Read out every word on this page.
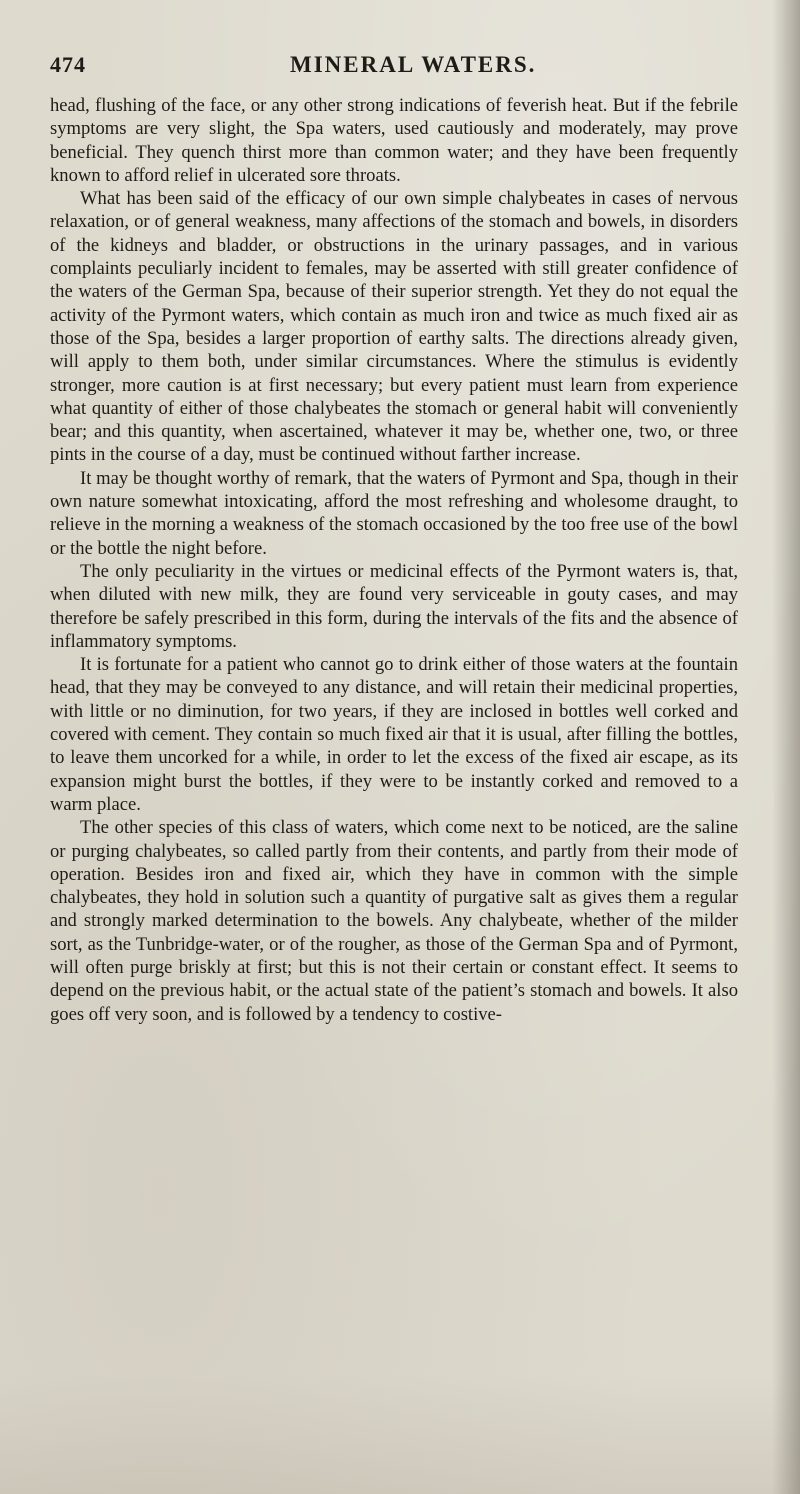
474	MINERAL WATERS.

head, flushing of the face, or any other strong indications of feverish heat. But if the febrile symptoms are very slight, the Spa waters, used cautiously and moderately, may prove beneficial. They quench thirst more than common water; and they have been frequently known to afford relief in ulcerated sore throats.

What has been said of the efficacy of our own simple chalybeates in cases of nervous relaxation, or of general weakness, many affections of the stomach and bowels, in disorders of the kidneys and bladder, or obstructions in the urinary passages, and in various complaints peculiarly incident to females, may be asserted with still greater confidence of the waters of the German Spa, because of their superior strength. Yet they do not equal the activity of the Pyrmont waters, which contain as much iron and twice as much fixed air as those of the Spa, besides a larger proportion of earthy salts. The directions already given, will apply to them both, under similar circumstances. Where the stimulus is evidently stronger, more caution is at first necessary; but every patient must learn from experience what quantity of either of those chalybeates the stomach or general habit will conveniently bear; and this quantity, when ascertained, whatever it may be, whether one, two, or three pints in the course of a day, must be continued without farther increase.

It may be thought worthy of remark, that the waters of Pyrmont and Spa, though in their own nature somewhat intoxicating, afford the most refreshing and wholesome draught, to relieve in the morning a weakness of the stomach occasioned by the too free use of the bowl or the bottle the night before.

The only peculiarity in the virtues or medicinal effects of the Pyrmont waters is, that, when diluted with new milk, they are found very serviceable in gouty cases, and may therefore be safely prescribed in this form, during the intervals of the fits and the absence of inflammatory symptoms.

It is fortunate for a patient who cannot go to drink either of those waters at the fountain head, that they may be conveyed to any distance, and will retain their medicinal properties, with little or no diminution, for two years, if they are inclosed in bottles well corked and covered with cement. They contain so much fixed air that it is usual, after filling the bottles, to leave them uncorked for a while, in order to let the excess of the fixed air escape, as its expansion might burst the bottles, if they were to be instantly corked and removed to a warm place.

The other species of this class of waters, which come next to be noticed, are the saline or purging chalybeates, so called partly from their contents, and partly from their mode of operation. Besides iron and fixed air, which they have in common with the simple chalybeates, they hold in solution such a quantity of purgative salt as gives them a regular and strongly marked determination to the bowels. Any chalybeate, whether of the milder sort, as the Tunbridge-water, or of the rougher, as those of the German Spa and of Pyrmont, will often purge briskly at first; but this is not their certain or constant effect. It seems to depend on the previous habit, or the actual state of the patient’s stomach and bowels. It also goes off very soon, and is followed by a tendency to costive-
